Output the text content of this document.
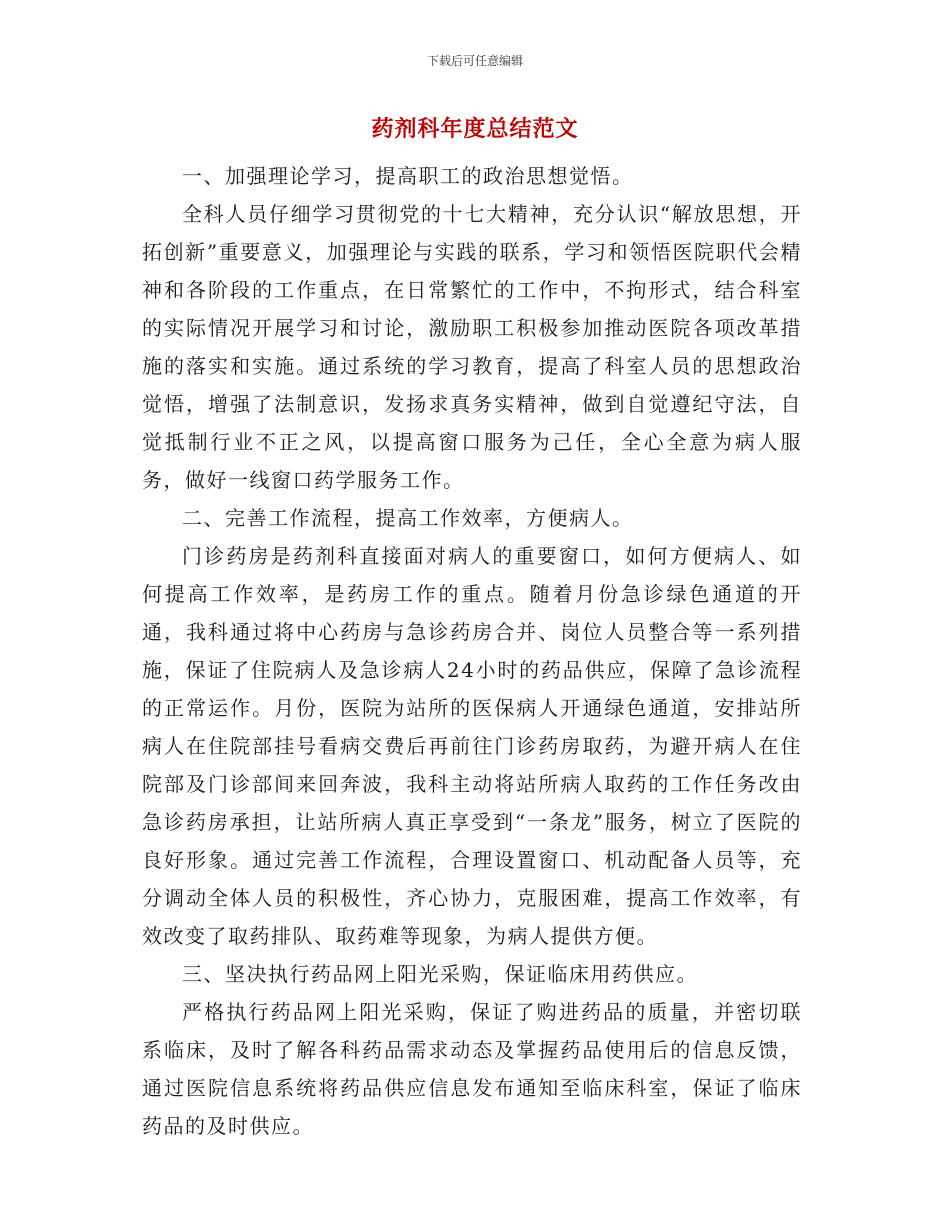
下载后可任意编辑
药剂科年度总结范文

一、加强理论学习，提高职工的政治思想觉悟。

全科人员仔细学习贯彻党的十七大精神，充分认识“解放思想，开拓创新”重要意义，加强理论与实践的联系，学习和领悟医院职代会精神和各阶段的工作重点，在日常繁忙的工作中，不拘形式，结合科室的实际情况开展学习和讨论，激励职工积极参加推动医院各项改革措施的落实和实施。通过系统的学习教育，提高了科室人员的思想政治觉悟，增强了法制意识，发扬求真务实精神，做到自觉遵纪守法，自觉抵制行业不正之风，以提高窗口服务为己任，全心全意为病人服务，做好一线窗口药学服务工作。

二、完善工作流程，提高工作效率，方便病人。

门诊药房是药剂科直接面对病人的重要窗口，如何方便病人、如何提高工作效率，是药房工作的重点。随着月份急诊绿色通道的开通，我科通过将中心药房与急诊药房合并、岗位人员整合等一系列措施，保证了住院病人及急诊病人24小时的药品供应，保障了急诊流程的正常运作。月份，医院为站所的医保病人开通绿色通道，安排站所病人在住院部挂号看病交费后再前往门诊药房取药，为避开病人在住院部及门诊部间来回奔波，我科主动将站所病人取药的工作任务改由急诊药房承担，让站所病人真正享受到“一条龙”服务，树立了医院的良好形象。通过完善工作流程，合理设置窗口、机动配备人员等，充分调动全体人员的积极性，齐心协力，克服困难，提高工作效率，有效改变了取药排队、取药难等现象，为病人提供方便。

三、坚决执行药品网上阳光采购，保证临床用药供应。

严格执行药品网上阳光采购，保证了购进药品的质量，并密切联系临床，及时了解各科药品需求动态及掌握药品使用后的信息反馈，通过医院信息系统将药品供应信息发布通知至临床科室，保证了临床药品的及时供应。
